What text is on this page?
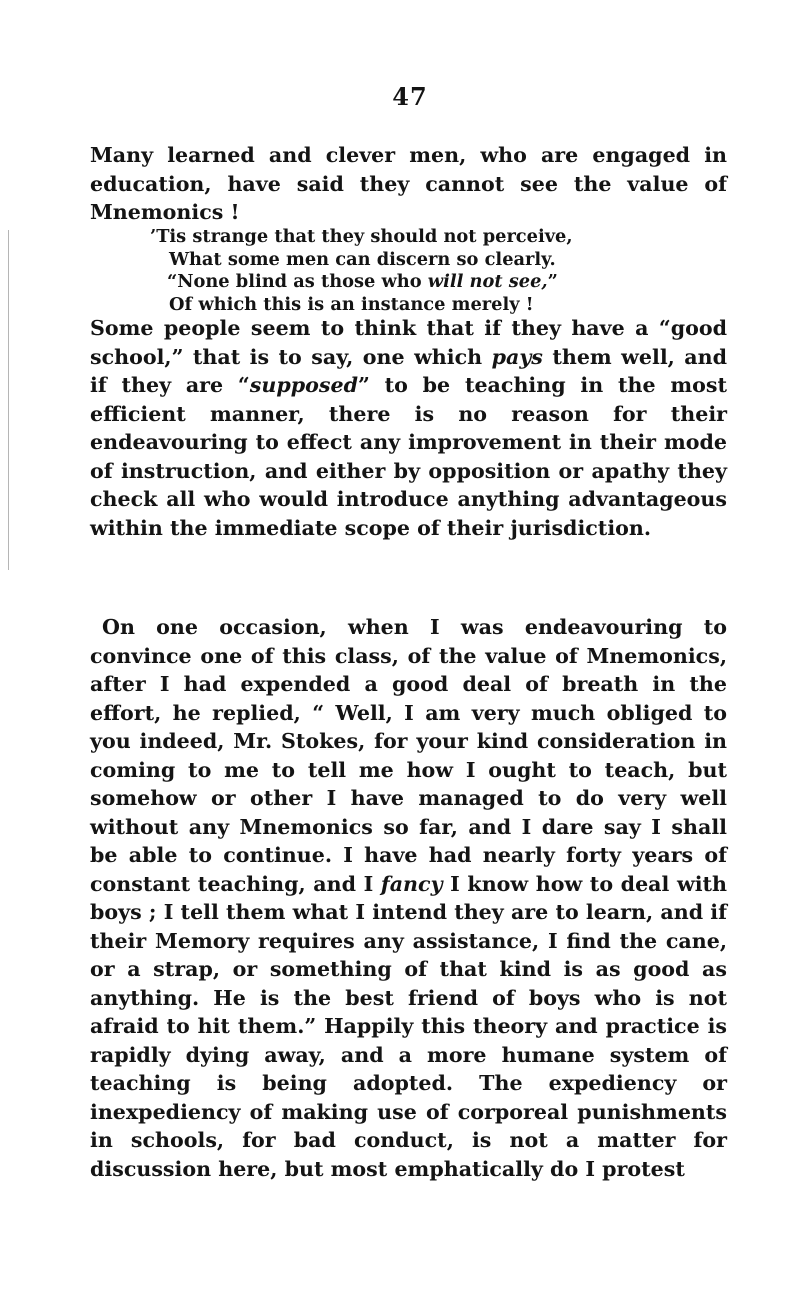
47
Many learned and clever men, who are engaged in education, have said they cannot see the value of Mnemonics !
’Tis strange that they should not perceive,
What some men can discern so clearly.
“None blind as those who will not see,”
Of which this is an instance merely !
Some people seem to think that if they have a “good school,” that is to say, one which pays them well, and if they are “supposed” to be teaching in the most efficient manner, there is no reason for their endeavouring to effect any improvement in their mode of instruction, and either by opposition or apathy they check all who would introduce anything advantageous within the immediate scope of their jurisdiction.
On one occasion, when I was endeavouring to convince one of this class, of the value of Mnemonics, after I had expended a good deal of breath in the effort, he replied, “ Well, I am very much obliged to you indeed, Mr. Stokes, for your kind consideration in coming to me to tell me how I ought to teach, but somehow or other I have managed to do very well without any Mnemonics so far, and I dare say I shall be able to continue. I have had nearly forty years of constant teaching, and I fancy I know how to deal with boys ; I tell them what I intend they are to learn, and if their Memory requires any assistance, I find the cane, or a strap, or something of that kind is as good as anything. He is the best friend of boys who is not afraid to hit them.” Happily this theory and practice is rapidly dying away, and a more humane system of teaching is being adopted. The expediency or inexpediency of making use of corporeal punishments in schools, for bad conduct, is not a matter for discussion here, but most emphatically do I protest
